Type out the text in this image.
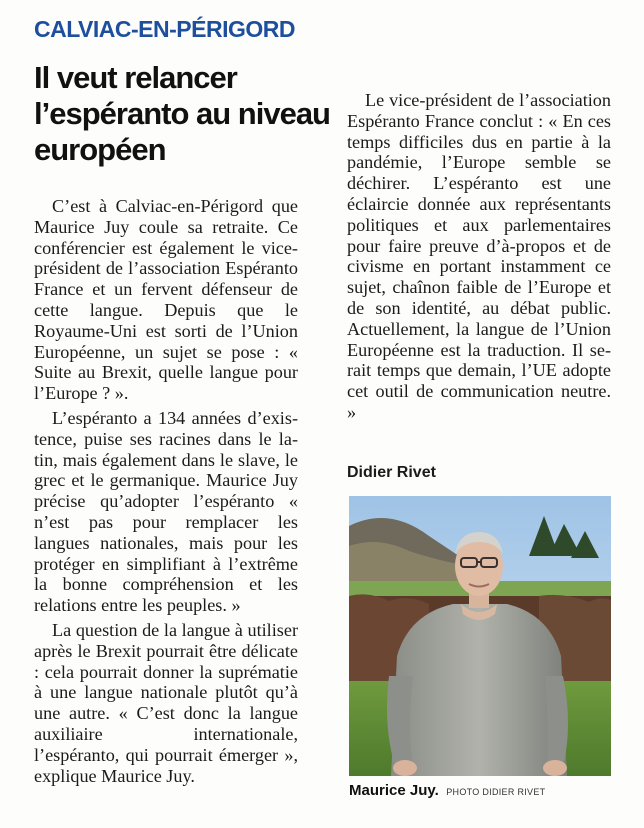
CALVIAC-EN-PÉRIGORD
Il veut relancer l’espéranto au niveau européen

C’est à Calviac-en-Périgord que Maurice Juy coule sa retraite. Ce conférencier est également le vice-président de l’association Espéranto France et un fervent défenseur de cette langue. Depuis que le Royaume-Uni est sorti de l’Union Européenne, un sujet se pose : « Suite au Brexit, quelle langue pour l’Europe ? ».

L’espéranto a 134 années d’existence, puise ses racines dans le latin, mais également dans le slave, le grec et le germanique. Maurice Juy précise qu’adopter l’espéranto « n’est pas pour remplacer les langues nationales, mais pour les protéger en simplifiant à l’extrême la bonne compréhension et les relations entre les peuples. »

La question de la langue à utiliser après le Brexit pourrait être délicate : cela pourrait donner la suprématie à une langue nationale plutôt qu’à une autre. « C’est donc la langue auxiliaire internationale, l’espéranto, qui pourrait émerger », explique Maurice Juy.

Le vice-président de l’association Espéranto France conclut : « En ces temps difficiles dus en partie à la pandémie, l’Europe semble se déchirer. L’espéranto est une éclaircie donnée aux représentants politiques et aux parlementaires pour faire preuve d’à-propos et de civisme en portant instamment ce sujet, chaînon faible de l’Europe et de son identité, au débat public. Actuellement, la langue de l’Union Européenne est la traduction. Il serait temps que demain, l’UE adopte cet outil de communication neutre. »

Didier Rivet
Maurice Juy. PHOTO DIDIER RIVET
